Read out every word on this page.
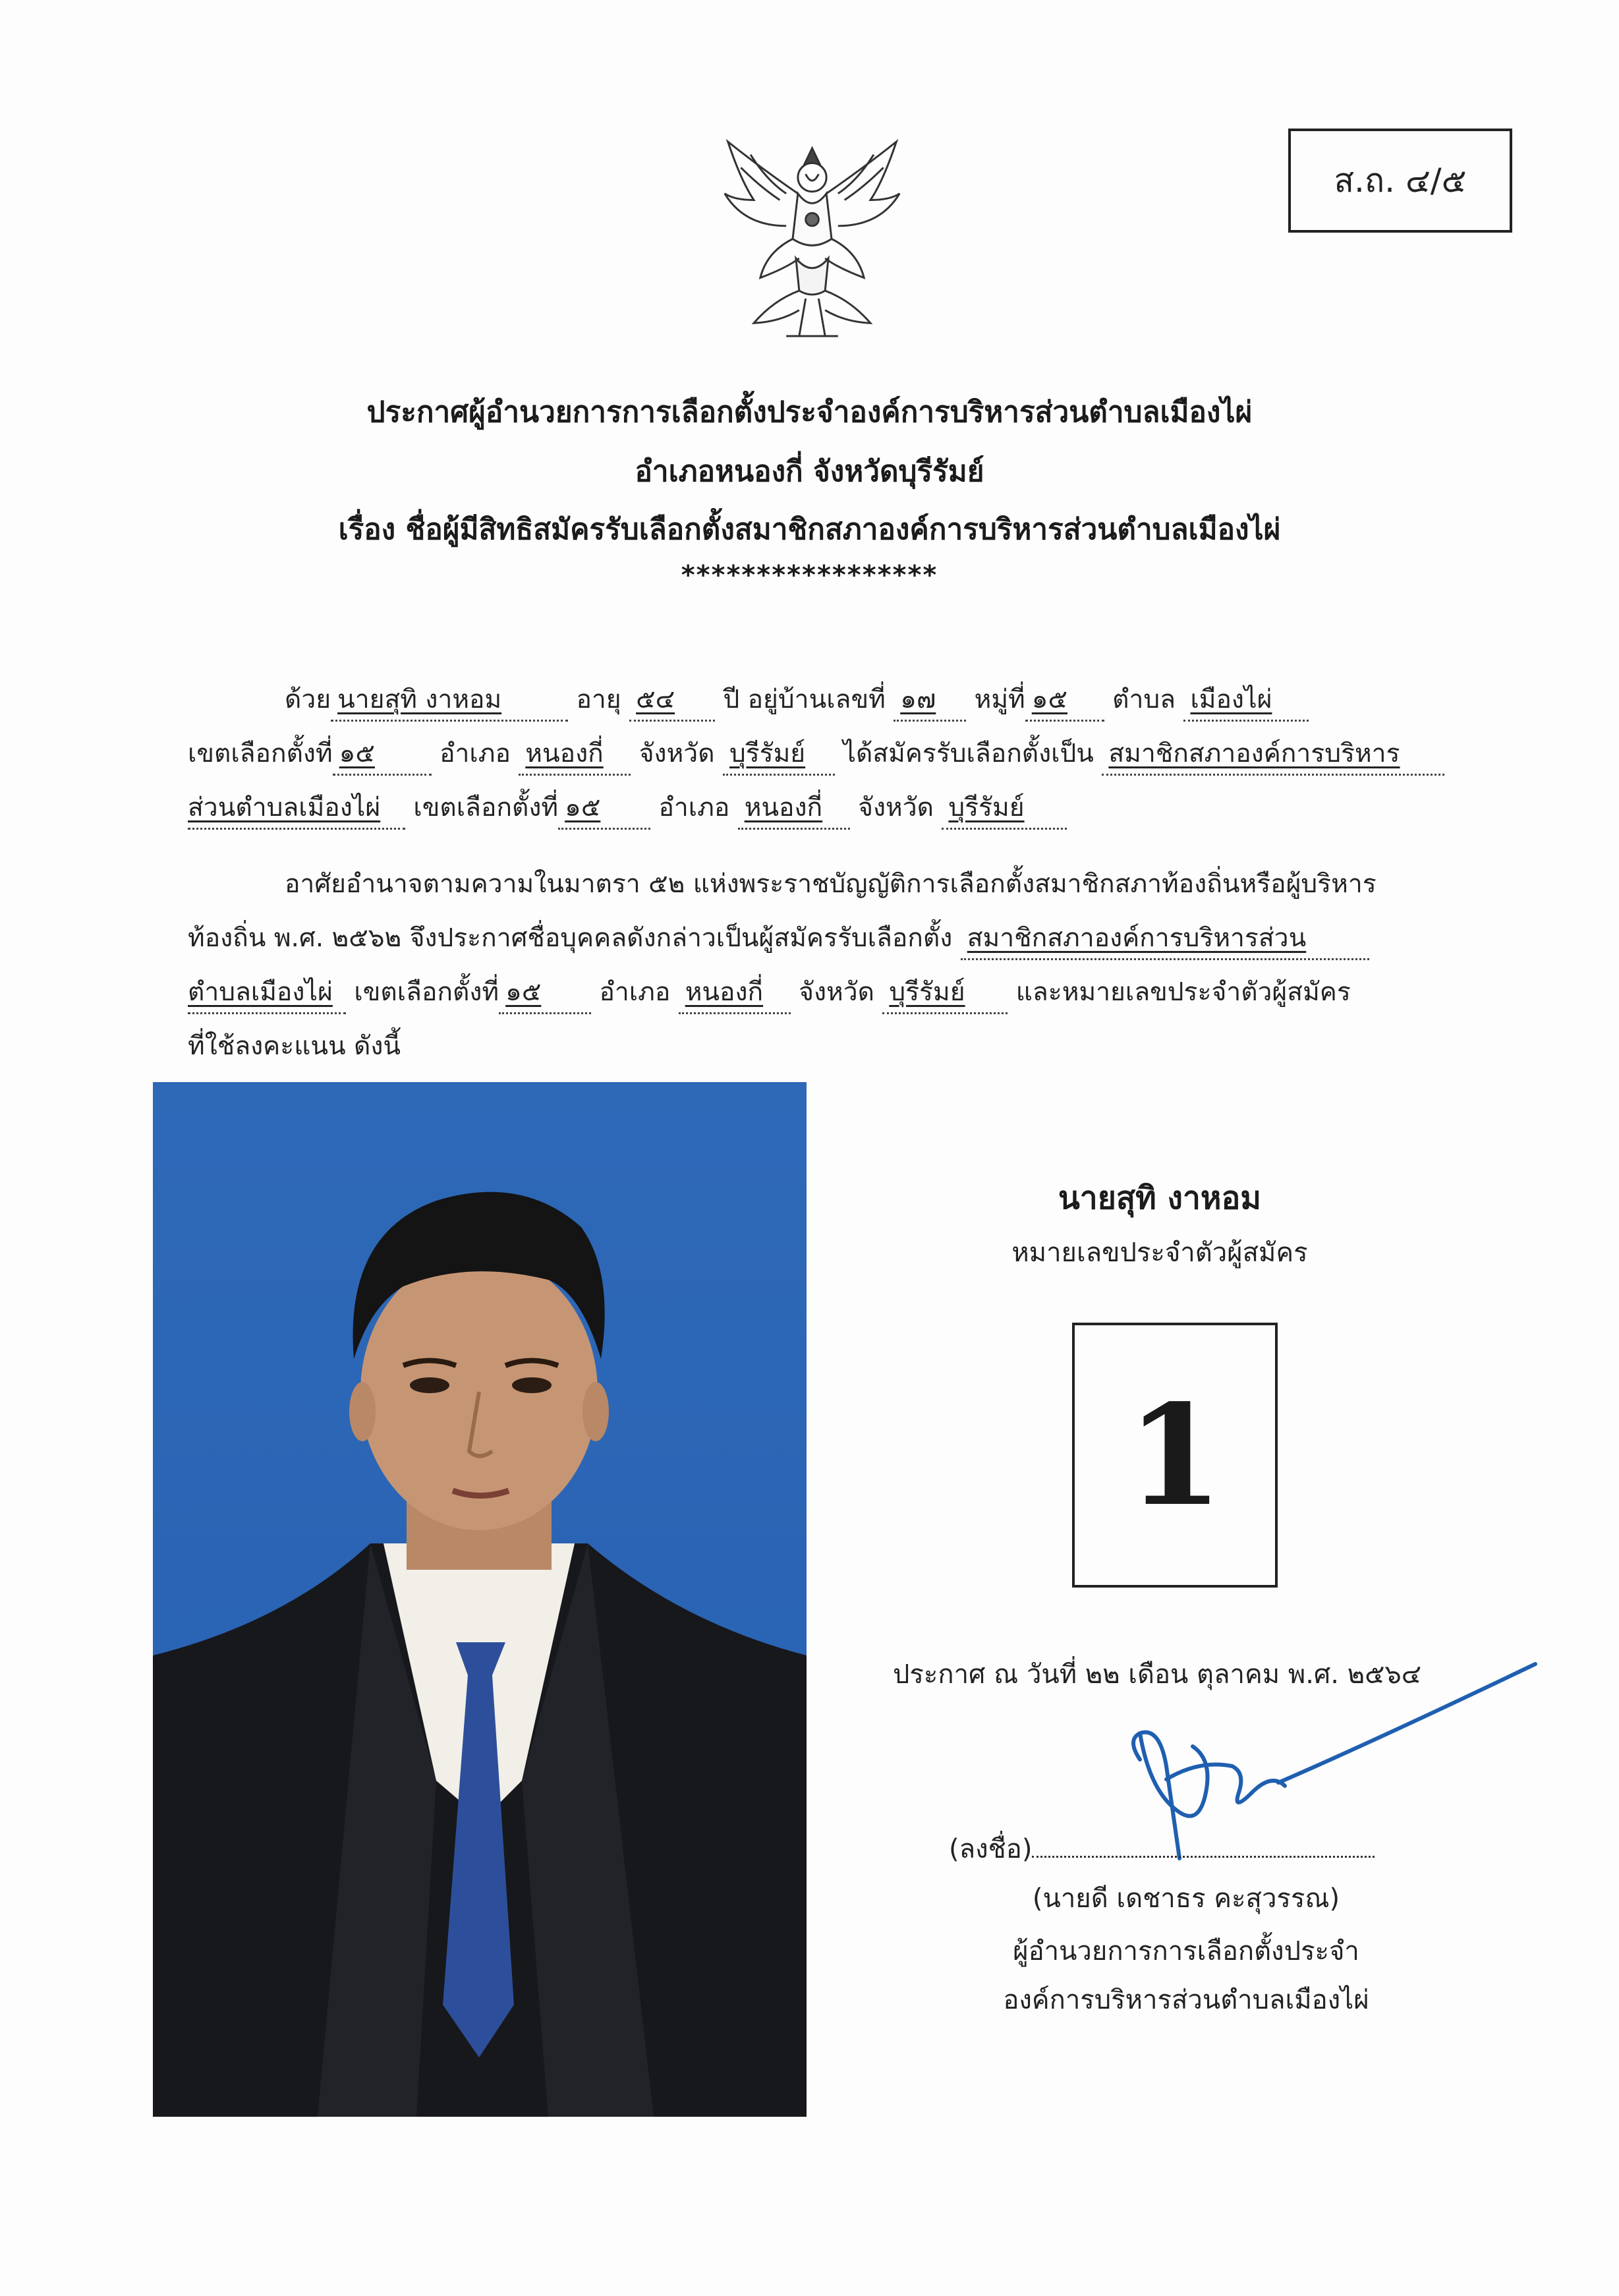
ส.ถ. ๔/๕
ประกาศผู้อำนวยการการเลือกตั้งประจำองค์การบริหารส่วนตำบลเมืองไผ่
อำเภอหนองกี่ จังหวัดบุรีรัมย์
เรื่อง ชื่อผู้มีสิทธิสมัครรับเลือกตั้งสมาชิกสภาองค์การบริหารส่วนตำบลเมืองไผ่
*****************
ด้วย นายสุทิ งาหอม	อายุ ๕๔ ปี อยู่บ้านเลขที่ ๑๗ หมู่ที่ ๑๕ ตำบล เมืองไผ่
เขตเลือกตั้งที่ ๑๕	อำเภอ หนองกี่ จังหวัด บุรีรัมย์ ได้สมัครรับเลือกตั้งเป็น สมาชิกสภาองค์การบริหาร
ส่วนตำบลเมืองไผ่ เขตเลือกตั้งที่ ๑๕ อำเภอ หนองกี่ จังหวัด บุรีรัมย์
อาศัยอำนาจตามความในมาตรา ๕๒ แห่งพระราชบัญญัติการเลือกตั้งสมาชิกสภาท้องถิ่นหรือผู้บริหาร
ท้องถิ่น พ.ศ. ๒๕๖๒ จึงประกาศชื่อบุคคลดังกล่าวเป็นผู้สมัครรับเลือกตั้ง สมาชิกสภาองค์การบริหารส่วน
ตำบลเมืองไผ่ เขตเลือกตั้งที่ ๑๕ อำเภอ หนองกี่ จังหวัด บุรีรัมย์ และหมายเลขประจำตัวผู้สมัคร
ที่ใช้ลงคะแนน ดังนี้
นายสุทิ งาหอม
หมายเลขประจำตัวผู้สมัคร
1
ประกาศ ณ วันที่ ๒๒ เดือน ตุลาคม พ.ศ. ๒๕๖๔
(ลงชื่อ)
(นายดี เดชาธร คะสุวรรณ)
ผู้อำนวยการการเลือกตั้งประจำ
องค์การบริหารส่วนตำบลเมืองไผ่
